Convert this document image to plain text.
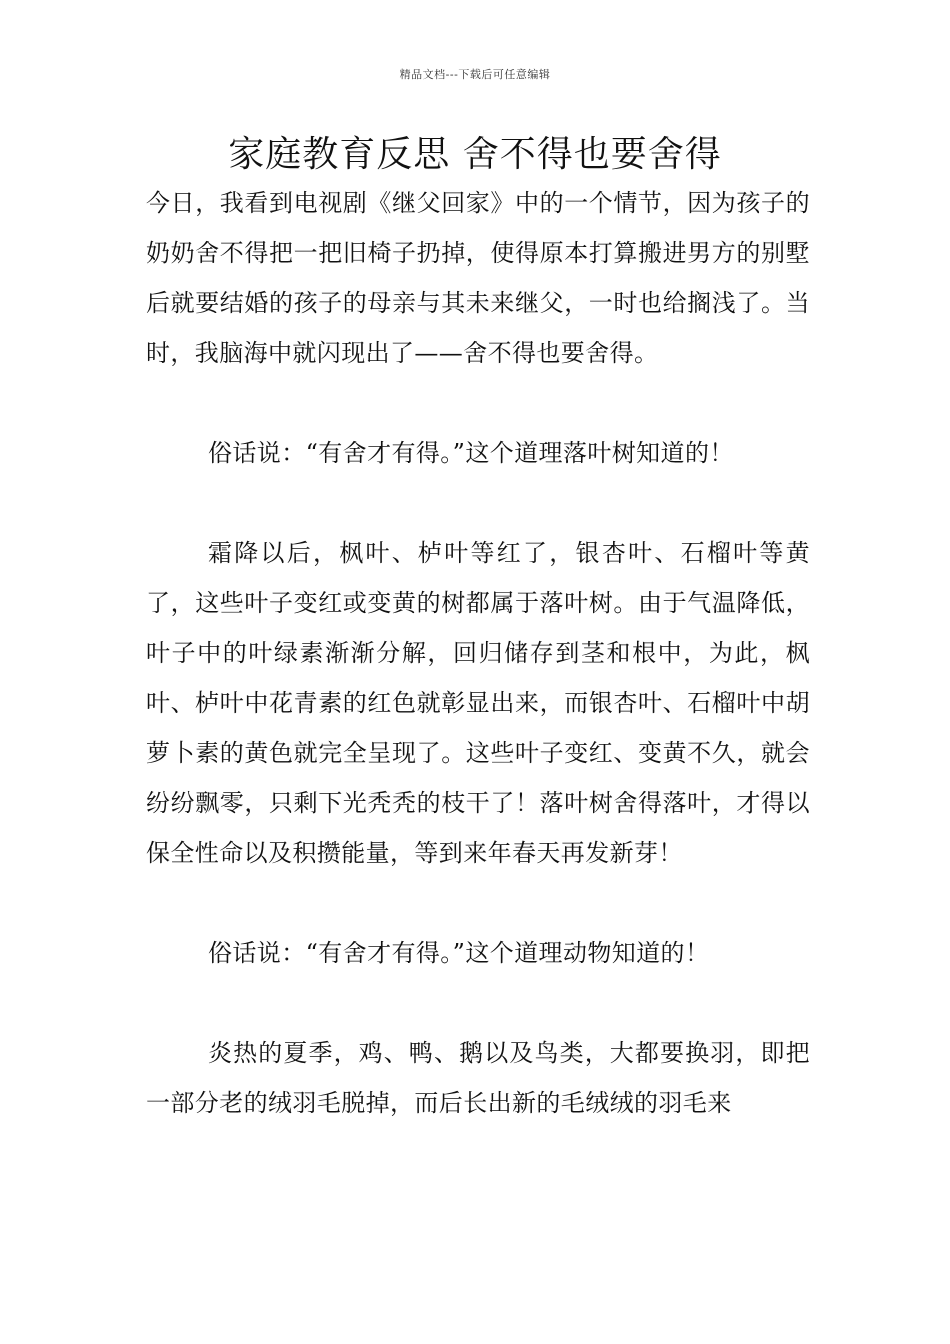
精品文档---下载后可任意编辑
家庭教育反思 舍不得也要舍得

今日，我看到电视剧《继父回家》中的一个情节，因为孩子的奶奶舍不得把一把旧椅子扔掉，使得原本打算搬进男方的别墅后就要结婚的孩子的母亲与其未来继父，一时也给搁浅了。当时，我脑海中就闪现出了——舍不得也要舍得。

俗话说：“有舍才有得。”这个道理落叶树知道的！

霜降以后，枫叶、栌叶等红了，银杏叶、石榴叶等黄了，这些叶子变红或变黄的树都属于落叶树。由于气温降低，叶子中的叶绿素渐渐分解，回归储存到茎和根中，为此，枫叶、栌叶中花青素的红色就彰显出来，而银杏叶、石榴叶中胡萝卜素的黄色就完全呈现了。这些叶子变红、变黄不久，就会纷纷飘零，只剩下光秃秃的枝干了！落叶树舍得落叶，才得以保全性命以及积攒能量，等到来年春天再发新芽！

俗话说：“有舍才有得。”这个道理动物知道的！

炎热的夏季，鸡、鸭、鹅以及鸟类，大都要换羽，即把一部分老的绒羽毛脱掉，而后长出新的毛绒绒的羽毛来
